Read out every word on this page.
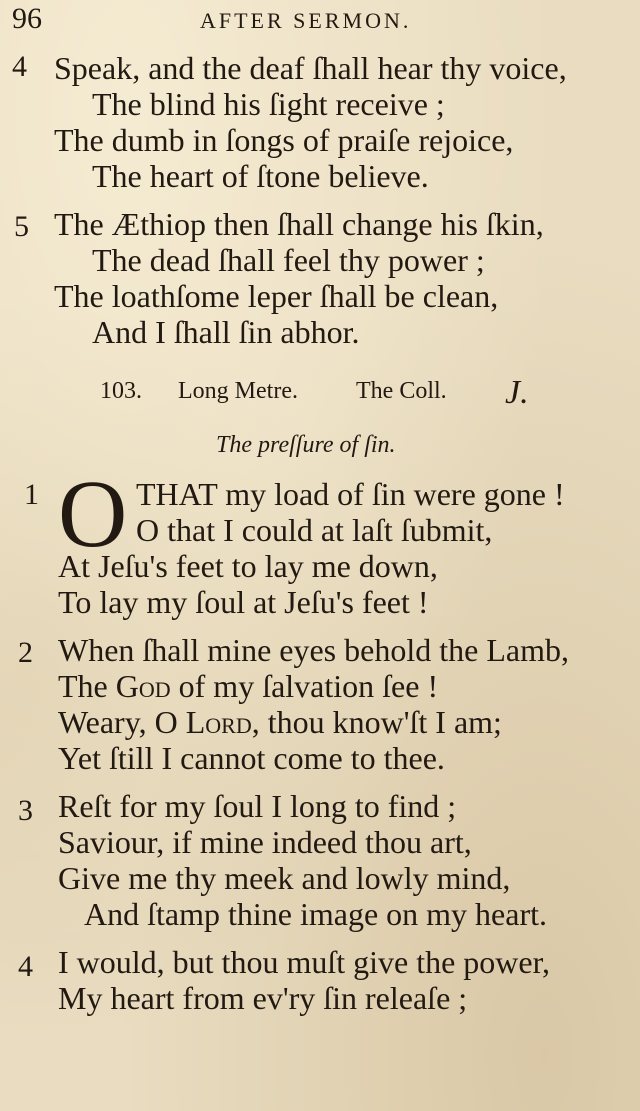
96	AFTER SERMON.
4 Speak, and the deaf ſhall hear thy voice,
The blind his ſight receive ;
The dumb in ſongs of praiſe rejoice,
The heart of ſtone believe.
5 The Æthiop then ſhall change his ſkin,
The dead ſhall feel thy power ;
The loathſome leper ſhall be clean,
And I ſhall ſin abhor.
103. Long Metre. The Coll. J.
The preſſure of ſin.
1 O THAT my load of ſin were gone !
O that I could at laſt ſubmit,
At Jeſu's feet to lay me down,
To lay my ſoul at Jeſu's feet !
2 When ſhall mine eyes behold the Lamb,
The God of my ſalvation ſee !
Weary, O Lord, thou know'ſt I am;
Yet ſtill I cannot come to thee.
3 Reſt for my ſoul I long to find ;
Saviour, if mine indeed thou art,
Give me thy meek and lowly mind,
And ſtamp thine image on my heart.
4 I would, but thou muſt give the power,
My heart from ev'ry ſin releaſe ;
